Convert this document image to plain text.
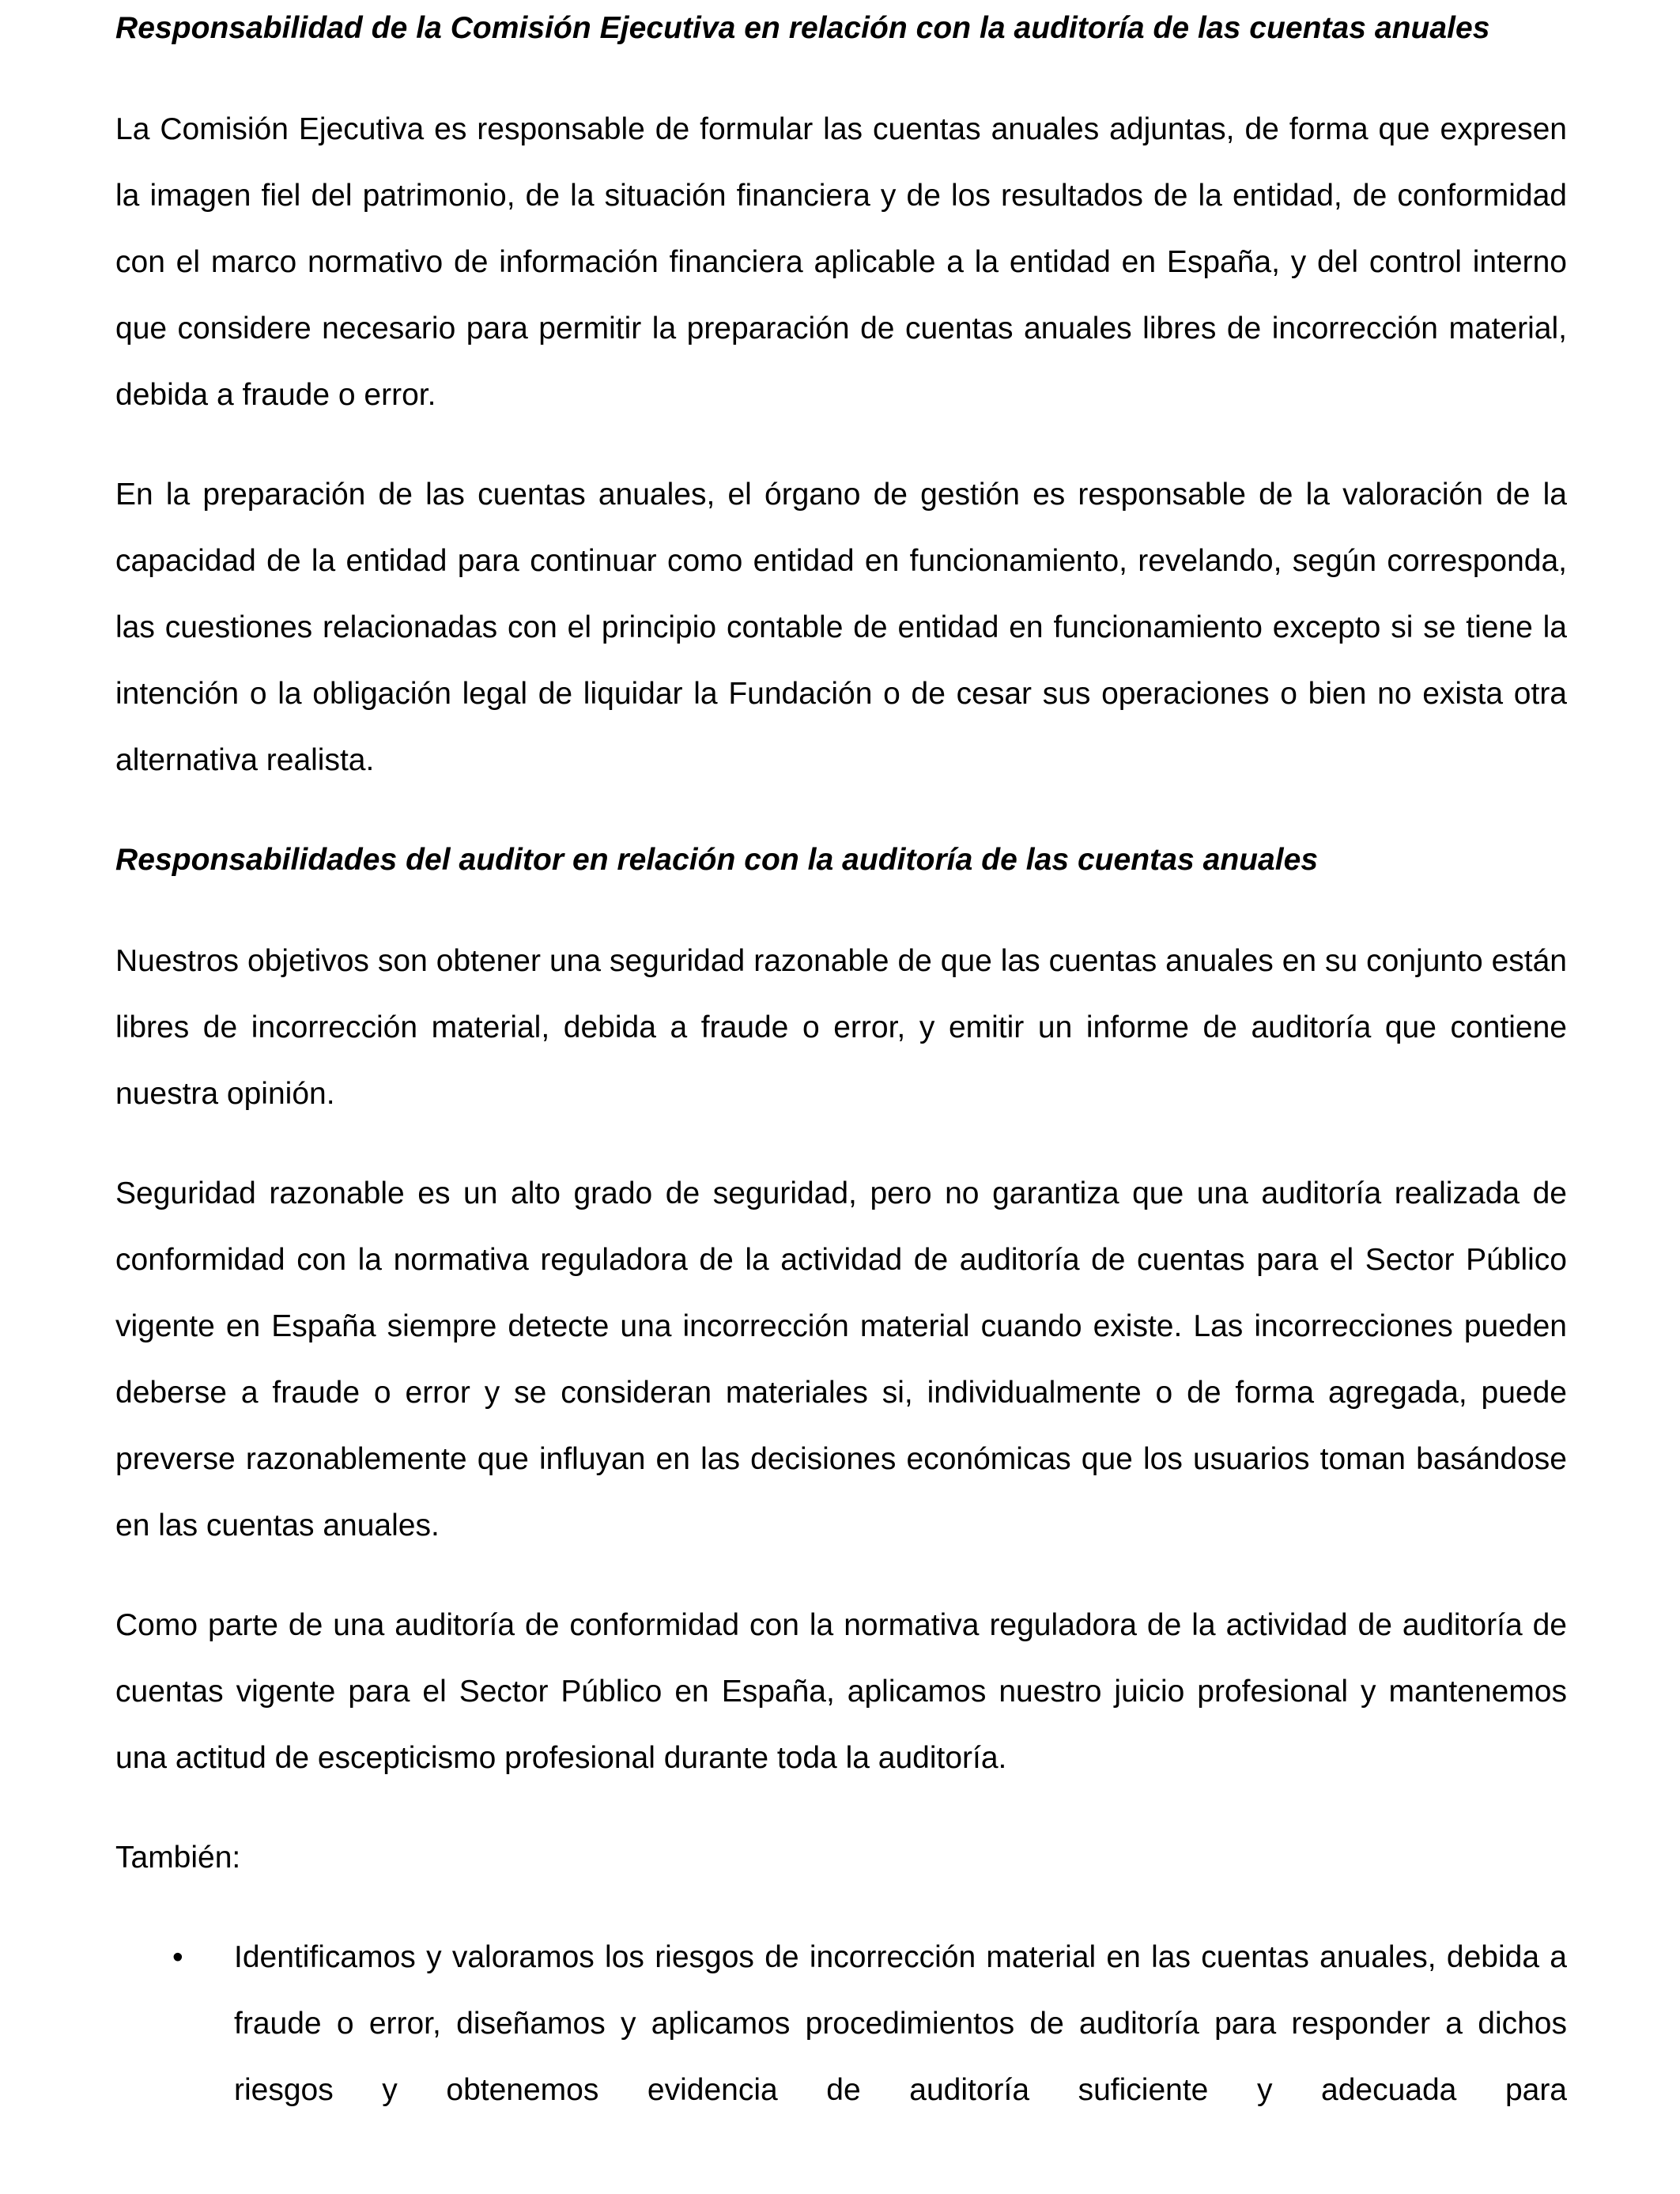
Responsabilidad de la Comisión Ejecutiva en relación con la auditoría de las cuentas anuales

La Comisión Ejecutiva es responsable de formular las cuentas anuales adjuntas, de forma que expresen la imagen fiel del patrimonio, de la situación financiera y de los resultados de la entidad, de conformidad con el marco normativo de información financiera aplicable a la entidad en España, y del control interno que considere necesario para permitir la preparación de cuentas anuales libres de incorrección material, debida a fraude o error.

En la preparación de las cuentas anuales, el órgano de gestión es responsable de la valoración de la capacidad de la entidad para continuar como entidad en funcionamiento, revelando, según corresponda, las cuestiones relacionadas con el principio contable de entidad en funcionamiento excepto si se tiene la intención o la obligación legal de liquidar la Fundación o de cesar sus operaciones o bien no exista otra alternativa realista.

Responsabilidades del auditor en relación con la auditoría de las cuentas anuales

Nuestros objetivos son obtener una seguridad razonable de que las cuentas anuales en su conjunto están libres de incorrección material, debida a fraude o error, y emitir un informe de auditoría que contiene nuestra opinión.

Seguridad razonable es un alto grado de seguridad, pero no garantiza que una auditoría realizada de conformidad con la normativa reguladora de la actividad de auditoría de cuentas para el Sector Público vigente en España siempre detecte una incorrección material cuando existe. Las incorrecciones pueden deberse a fraude o error y se consideran materiales si, individualmente o de forma agregada, puede preverse razonablemente que influyan en las decisiones económicas que los usuarios toman basándose en las cuentas anuales.

Como parte de una auditoría de conformidad con la normativa reguladora de la actividad de auditoría de cuentas vigente para el Sector Público en España, aplicamos nuestro juicio profesional y mantenemos una actitud de escepticismo profesional durante toda la auditoría.

También:

• Identificamos y valoramos los riesgos de incorrección material en las cuentas anuales, debida a fraude o error, diseñamos y aplicamos procedimientos de auditoría para responder a dichos riesgos y obtenemos evidencia de auditoría suficiente y adecuada para
